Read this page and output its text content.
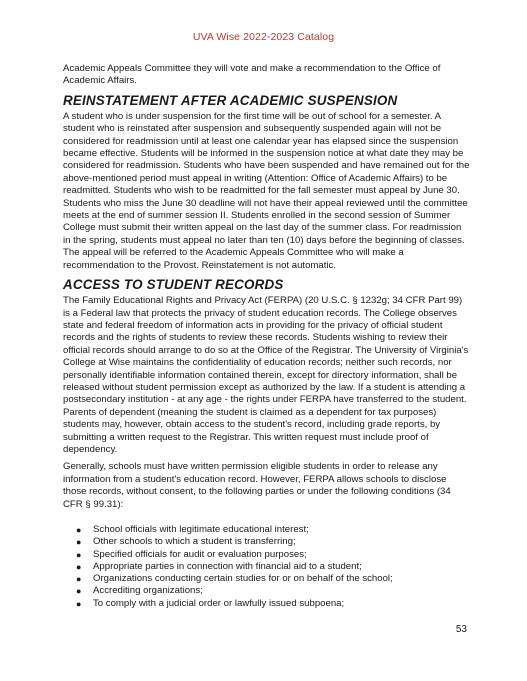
UVA Wise 2022-2023 Catalog

Academic Appeals Committee they will vote and make a recommendation to the Office of Academic Affairs.

REINSTATEMENT AFTER ACADEMIC SUSPENSION

A student who is under suspension for the first time will be out of school for a semester. A student who is reinstated after suspension and subsequently suspended again will not be considered for readmission until at least one calendar year has elapsed since the suspension became effective. Students will be informed in the suspension notice at what date they may be considered for readmission. Students who have been suspended and have remained out for the above-mentioned period must appeal in writing (Attention: Office of Academic Affairs) to be readmitted. Students who wish to be readmitted for the fall semester must appeal by June 30. Students who miss the June 30 deadline will not have their appeal reviewed until the committee meets at the end of summer session II. Students enrolled in the second session of Summer College must submit their written appeal on the last day of the summer class. For readmission in the spring, students must appeal no later than ten (10) days before the beginning of classes. The appeal will be referred to the Academic Appeals Committee who will make a recommendation to the Provost. Reinstatement is not automatic.

ACCESS TO STUDENT RECORDS

The Family Educational Rights and Privacy Act (FERPA) (20 U.S.C. § 1232g; 34 CFR Part 99) is a Federal law that protects the privacy of student education records. The College observes state and federal freedom of information acts in providing for the privacy of official student records and the rights of students to review these records. Students wishing to review their official records should arrange to do so at the Office of the Registrar. The University of Virginia's College at Wise maintains the confidentiality of education records; neither such records, nor personally identifiable information contained therein, except for directory information, shall be released without student permission except as authorized by the law. If a student is attending a postsecondary institution - at any age - the rights under FERPA have transferred to the student. Parents of dependent (meaning the student is claimed as a dependent for tax purposes) students may, however, obtain access to the student's record, including grade reports, by submitting a written request to the Registrar. This written request must include proof of dependency.

Generally, schools must have written permission eligible students in order to release any information from a student's education record. However, FERPA allows schools to disclose those records, without consent, to the following parties or under the following conditions (34 CFR § 99.31):

● School officials with legitimate educational interest;
● Other schools to which a student is transferring;
● Specified officials for audit or evaluation purposes;
● Appropriate parties in connection with financial aid to a student;
● Organizations conducting certain studies for or on behalf of the school;
● Accrediting organizations;
● To comply with a judicial order or lawfully issued subpoena;
53
